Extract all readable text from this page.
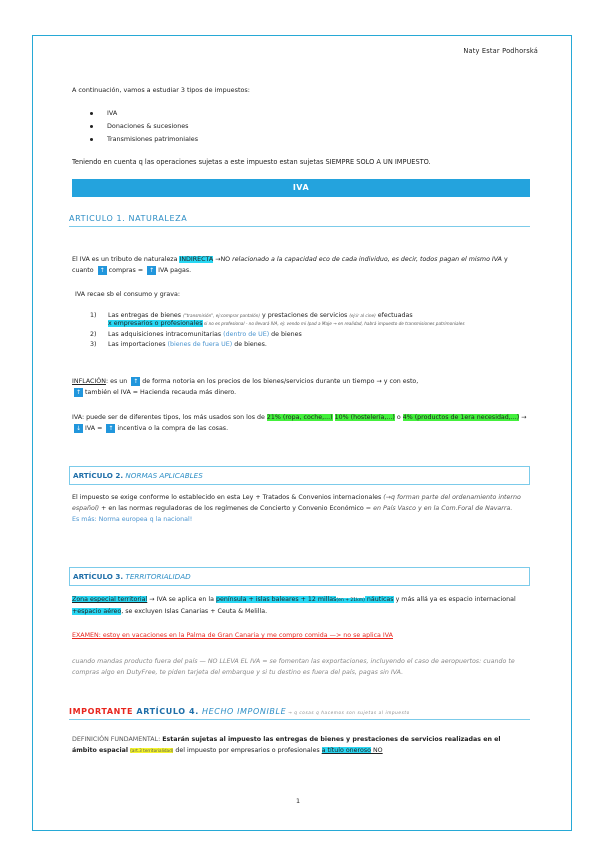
Naty Estar Podhorská
A continuación, vamos a estudiar 3 tipos de impuestos:
IVA
Donaciones & sucesiones
Transmisiones patrimoniales
Teniendo en cuenta q las operaciones sujetas a este impuesto estan sujetas SIEMPRE SOLO A UN IMPUESTO.
IVA
ARTICULO 1. NATURALEZA
El IVA es un tributo de naturaleza INDIRECTA →NO relacionado a la capacidad eco de cada individuo, es decir, todos pagan el mismo IVA y cuanto ↑ compras = ↑ IVA pagas.
IVA recae sb el consumo y grava:
1) Las entregas de bienes ("transmisión", ej:comprar pantalón) y prestaciones de servicios (ej:ir al cine) efectuadas
x empresarios o profesionales si no es profesional - no llevará IVA, ej: vendo mi Ipad a Maje → en realidad, habrá impuesto de transmisiones patrimoniales
2) Las adquisiciones intracomunitarias (dentro de UE) de bienes
3) Las importaciones (bienes de fuera UE) de bienes.
INFLACIÓN: es un ↑ de forma notoria en los precios de los bienes/servicios durante un tiempo → y con esto,
↑ también el IVA = Hacienda recauda más dinero.
IVA: puede ser de diferentes tipos, los más usados son los de 21% (ropa, coche,...) 10% (hostelería,...) o 4% (productos de 1era necesidad,...) → ↓ IVA = ↑ incentiva o la compra de las cosas.
ARTÍCULO 2. NORMAS APLICABLES
El impuesto se exige conforme lo establecido en esta Ley + Tratados & Convenios internacionales (→q forman parte del ordenamiento interno español) + en las normas reguladoras de los regímenes de Concierto y Convenio Económico = en País Vasco y en la Com.Foral de Navarra.
Es más: Norma europea q la nacional!
ARTÍCULO 3. TERRITORIALIDAD
Zona especial territorial → IVA se aplica en la península + islas baleares + 12 millas(en + 21km) náuticas y más allá ya es espacio internacional +espacio aéreo, se excluyen Islas Canarias + Ceuta & Melilla.
EXAMEN: estoy en vacaciones en la Palma de Gran Canaria y me compro comida —> no se aplica IVA
cuando mandas producto fuera del país — NO LLEVA EL IVA = se fomentan las exportaciones, incluyendo el caso de aeropuertos: cuando te compras algo en DutyFree, te piden tarjeta del embarque y si tu destino es fuera del país, pagas sin IVA.
IMPORTANTE ARTÍCULO 4. HECHO IMPONIBLE → q cosas q hacemos son sujetas al impuesto
DEFINICIÓN FUNDAMENTAL: Estarán sujetas al impuesto las entregas de bienes y prestaciones de servicios realizadas en el ámbito espacial (art.3 territorialidad) del impuesto por empresarios o profesionales a título oneroso NO
1
